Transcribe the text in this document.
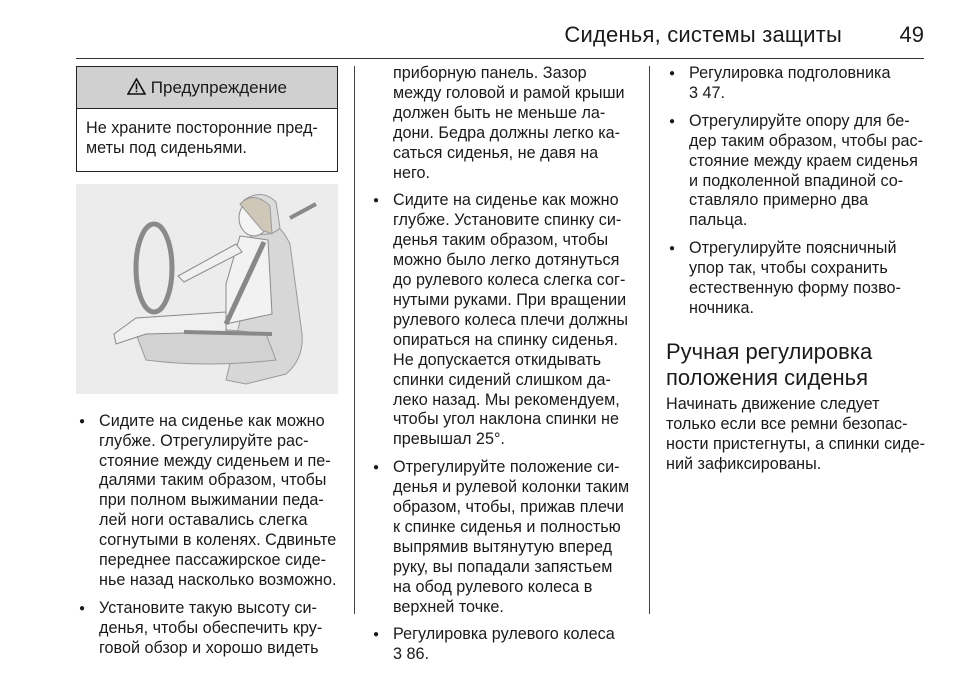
Сиденья, системы защиты	49
Предупреждение
Не храните посторонние пред-
меты под сиденьями.
● Сидите на сиденье как можно глубже. Отрегулируйте рас-стояние между сиденьем и пе-далями таким образом, чтобы при полном выжимании педа-лей ноги оставались слегка согнутыми в коленях. Сдвиньте переднее пассажирское сиде-нье назад насколько возможно.
● Установите такую высоту си-денья, чтобы обеспечить кру-говой обзор и хорошо видеть

приборную панель. Зазор между головой и рамой крыши должен быть не меньше ла-дони. Бедра должны легко ка-саться сиденья, не давя на него.

● Сидите на сиденье как можно глубже. Установите спинку си-денья таким образом, чтобы можно было легко дотянуться до рулевого колеса слегка сог-нутыми руками. При вращении рулевого колеса плечи должны опираться на спинку сиденья. Не допускается откидывать спинки сидений слишком да-леко назад. Мы рекомендуем, чтобы угол наклона спинки не превышал 25°.
● Отрегулируйте положение си-денья и рулевой колонки таким образом, чтобы, прижав плечи к спинке сиденья и полностью выпрямив вытянутую вперед руку, вы попадали запястьем на обод рулевого колеса в верхней точке.
● Регулировка рулевого колеса
3 86.
● Регулировка подголовника
3 47.
● Отрегулируйте опору для бе-дер таким образом, чтобы рас-стояние между краем сиденья и подколенной впадиной со-ставляло примерно два пальца.
● Отрегулируйте поясничный упор так, чтобы сохранить естественную форму позво-ночника.
Ручная регулировка положения сиденья

Начинать движение следует только если все ремни безопас-ности пристегнуты, а спинки сиде-ний зафиксированы.
